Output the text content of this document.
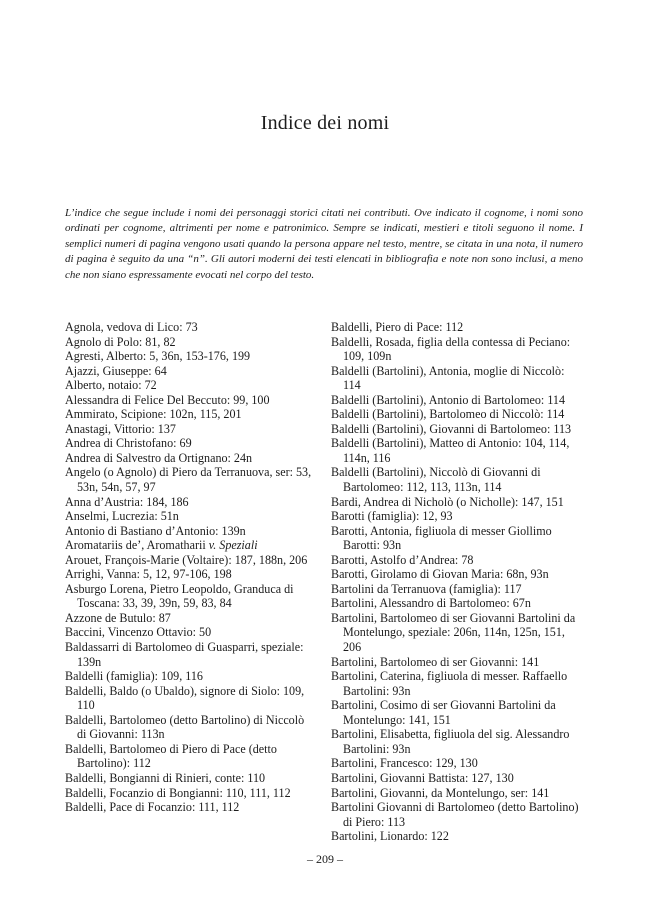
Indice dei nomi
L’indice che segue include i nomi dei personaggi storici citati nei contributi. Ove indicato il cognome, i nomi sono ordinati per cognome, altrimenti per nome e patronimico. Sempre se indicati, mestieri e titoli seguono il nome. I semplici numeri di pagina vengono usati quando la persona appare nel testo, mentre, se citata in una nota, il numero di pagina è seguito da una “n”. Gli autori moderni dei testi elencati in bibliografia e note non sono inclusi, a meno che non siano espressamente evocati nel corpo del testo.
Agnola, vedova di Lico: 73
Agnolo di Polo: 81, 82
Agresti, Alberto: 5, 36n, 153-176, 199
Ajazzi, Giuseppe: 64
Alberto, notaio: 72
Alessandra di Felice Del Beccuto: 99, 100
Ammirato, Scipione: 102n, 115, 201
Anastagi, Vittorio: 137
Andrea di Christofano: 69
Andrea di Salvestro da Ortignano: 24n
Angelo (o Agnolo) di Piero da Terranuova, ser: 53, 53n, 54n, 57, 97
Anna d’Austria: 184, 186
Anselmi, Lucrezia: 51n
Antonio di Bastiano d’Antonio: 139n
Aromatariis de’, Aromatharii v. Speziali
Arouet, François-Marie (Voltaire): 187, 188n, 206
Arrighi, Vanna: 5, 12, 97-106, 198
Asburgo Lorena, Pietro Leopoldo, Granduca di Toscana: 33, 39, 39n, 59, 83, 84
Azzone de Butulo: 87
Baccini, Vincenzo Ottavio: 50
Baldassarri di Bartolomeo di Guasparri, speziale: 139n
Baldelli (famiglia): 109, 116
Baldelli, Baldo (o Ubaldo), signore di Siolo: 109, 110
Baldelli, Bartolomeo (detto Bartolino) di Niccolò di Giovanni: 113n
Baldelli, Bartolomeo di Piero di Pace (detto Bartolino): 112
Baldelli, Bongianni di Rinieri, conte: 110
Baldelli, Focanzio di Bongianni: 110, 111, 112
Baldelli, Pace di Focanzio: 111, 112
Baldelli, Piero di Pace: 112
Baldelli, Rosada, figlia della contessa di Peciano: 109, 109n
Baldelli (Bartolini), Antonia, moglie di Niccolò: 114
Baldelli (Bartolini), Antonio di Bartolomeo: 114
Baldelli (Bartolini), Bartolomeo di Niccolò: 114
Baldelli (Bartolini), Giovanni di Bartolomeo: 113
Baldelli (Bartolini), Matteo di Antonio: 104, 114, 114n, 116
Baldelli (Bartolini), Niccolò di Giovanni di Bartolomeo: 112, 113, 113n, 114
Bardi, Andrea di Nicholò (o Nicholle): 147, 151
Barotti (famiglia): 12, 93
Barotti, Antonia, figliuola di messer Giollimo Barotti: 93n
Barotti, Astolfo d’Andrea: 78
Barotti, Girolamo di Giovan Maria: 68n, 93n
Bartolini da Terranuova (famiglia): 117
Bartolini, Alessandro di Bartolomeo: 67n
Bartolini, Bartolomeo di ser Giovanni Bartolini da Montelungo, speziale: 206n, 114n, 125n, 151, 206
Bartolini, Bartolomeo di ser Giovanni: 141
Bartolini, Caterina, figliuola di messer. Raffaello Bartolini: 93n
Bartolini, Cosimo di ser Giovanni Bartolini da Montelungo: 141, 151
Bartolini, Elisabetta, figliuola del sig. Alessandro Bartolini: 93n
Bartolini, Francesco: 129, 130
Bartolini, Giovanni Battista: 127, 130
Bartolini, Giovanni, da Montelungo, ser: 141
Bartolini Giovanni di Bartolomeo (detto Bartolino) di Piero: 113
Bartolini, Lionardo: 122
– 209 –
